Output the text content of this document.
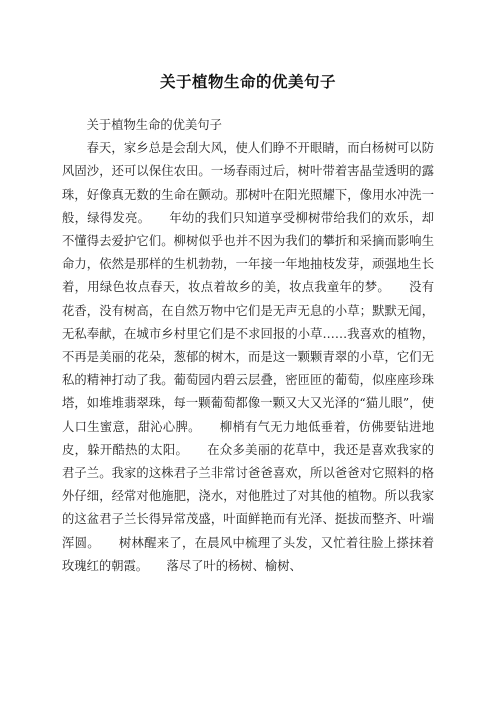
关于植物生命的优美句子

关于植物生命的优美句子

春天，家乡总是会刮大风，使人们睁不开眼睛，而白杨树可以防风固沙，还可以保住农田。一场春雨过后，树叶带着害晶莹透明的露珠，好像真无数的生命在颤动。那树叶在阳光照耀下，像用水冲洗一般，绿得发亮。　　年幼的我们只知道享受柳树带给我们的欢乐，却不懂得去爱护它们。柳树似乎也并不因为我们的攀折和采摘而影响生命力，依然是那样的生机勃勃，一年接一年地抽枝发芽，顽强地生长着，用绿色妆点春天，妆点着故乡的美，妆点我童年的梦。　　没有花香，没有树高，在自然万物中它们是无声无息的小草；默默无闻，无私奉献，在城市乡村里它们是不求回报的小草……我喜欢的植物，不再是美丽的花朵，葱郁的树木，而是这一颗颗青翠的小草，它们无私的精神打动了我。葡萄园内碧云层叠，密匝匝的葡萄，似座座珍珠塔，如堆堆翡翠珠，每一颗葡萄都像一颗又大又光泽的“猫儿眼”，使人口生蜜意，甜沁心脾。　　柳梢有气无力地低垂着，仿佛要钻进地皮，躲开酷热的太阳。　　在众多美丽的花草中，我还是喜欢我家的君子兰。我家的这株君子兰非常讨爸爸喜欢，所以爸爸对它照料的格外仔细，经常对他施肥，浇水，对他胜过了对其他的植物。所以我家的这盆君子兰长得异常茂盛，叶面鲜艳而有光泽、挺拔而整齐、叶端浑圆。　　树林醒来了，在晨风中梳理了头发，又忙着往脸上搽抹着玫瑰红的朝霞。　　落尽了叶的杨树、榆树、
